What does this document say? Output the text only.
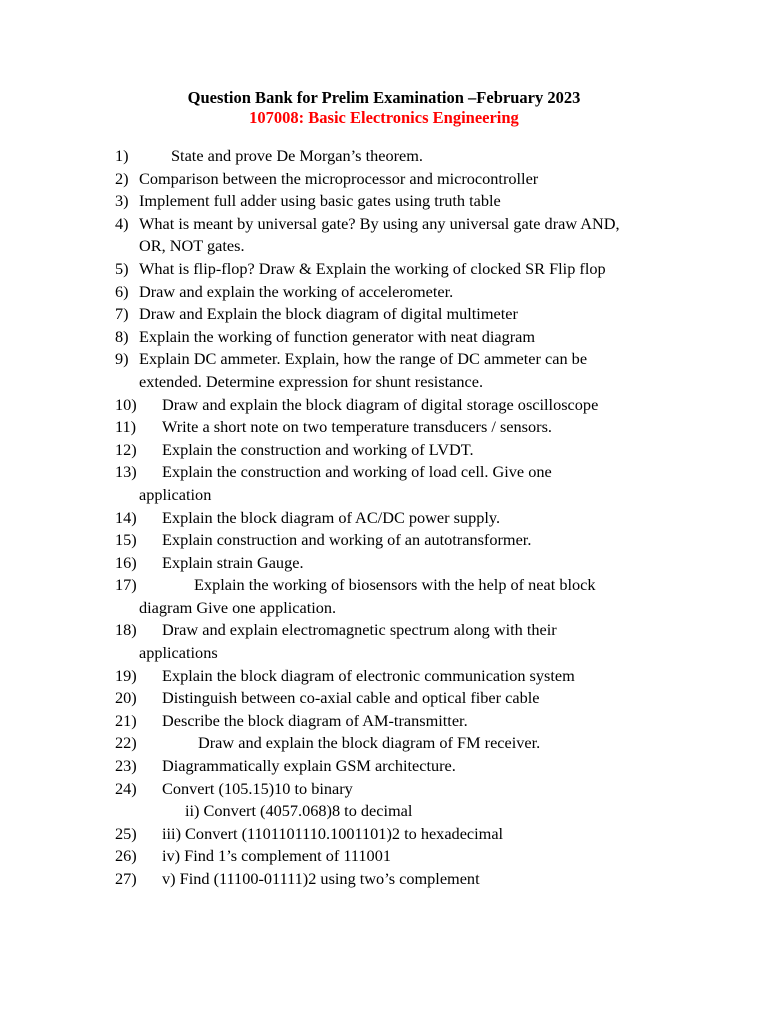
Question Bank for Prelim Examination –February 2023
107008: Basic Electronics Engineering
1)	State and prove De Morgan’s theorem.
2) Comparison between the microprocessor and microcontroller
3) Implement full adder using basic gates using truth table
4) What is meant by universal gate? By using any universal gate draw AND,
OR, NOT gates.
5) What is flip-flop? Draw & Explain the working of clocked SR Flip flop
6) Draw and explain the working of accelerometer.
7) Draw and Explain the block diagram of digital multimeter
8) Explain the working of function generator with neat diagram
9) Explain DC ammeter. Explain, how the range of DC ammeter can be
extended. Determine expression for shunt resistance.
10)	Draw and explain the block diagram of digital storage oscilloscope
11)	Write a short note on two temperature transducers / sensors.
12)	Explain the construction and working of LVDT.
13)	Explain the construction and working of load cell. Give one
application
14)	Explain the block diagram of AC/DC power supply.
15)	Explain construction and working of an autotransformer.
16)	Explain strain Gauge.
17)	Explain the working of biosensors with the help of neat block
diagram Give one application.
18)	Draw and explain electromagnetic spectrum along with their
applications
19)	Explain the block diagram of electronic communication system
20)	Distinguish between co-axial cable and optical fiber cable
21)	Describe the block diagram of AM-transmitter.
22)	Draw and explain the block diagram of FM receiver.
23)	Diagrammatically explain GSM architecture.
24)	Convert (105.15)10 to binary
ii) Convert (4057.068)8 to decimal
25)	iii) Convert (1101101110.1001101)2 to hexadecimal
26)	iv) Find 1’s complement of 111001
27)	v) Find (11100-01111)2 using two’s complement
